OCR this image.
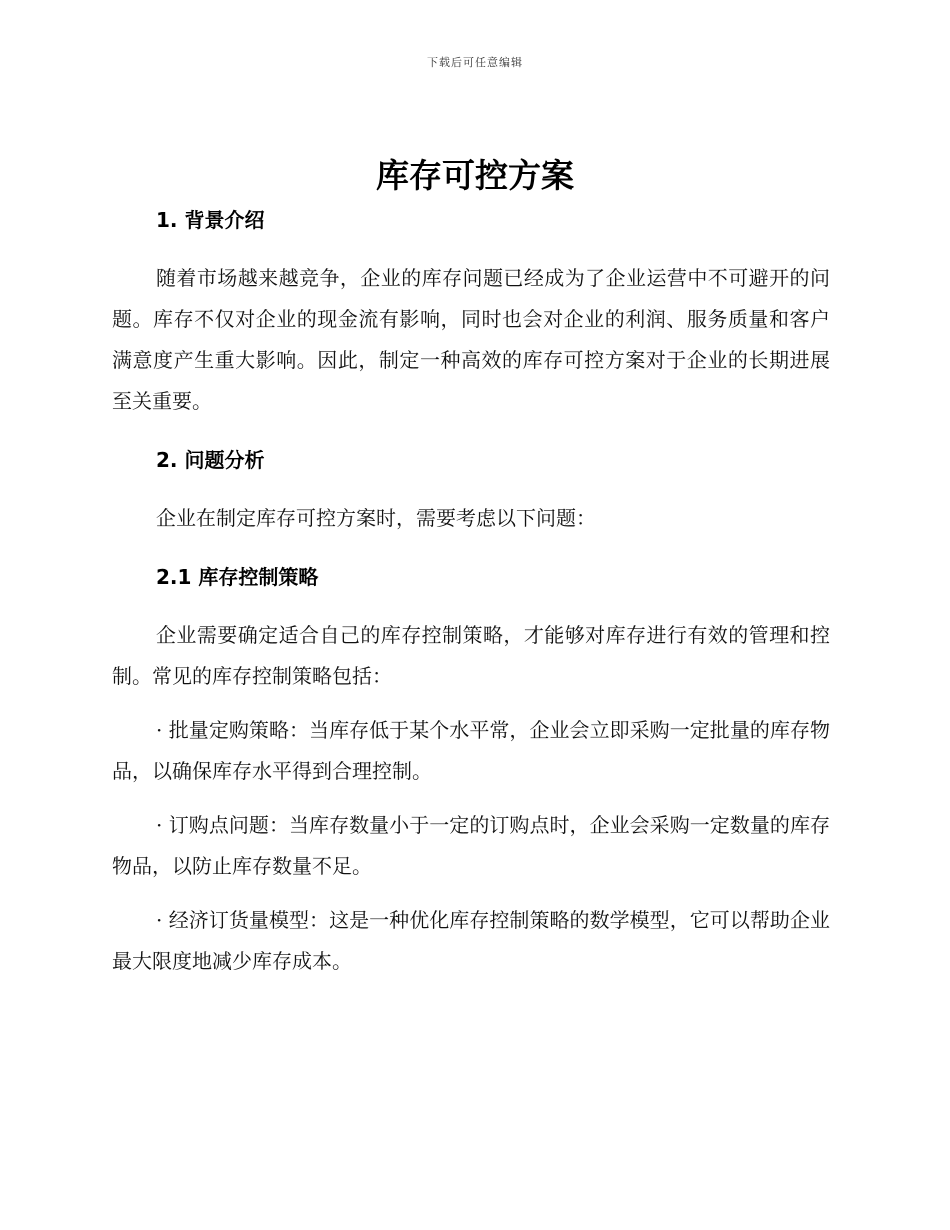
下载后可任意编辑
库存可控方案

1. 背景介绍

随着市场越来越竞争，企业的库存问题已经成为了企业运营中不可避开的问题。库存不仅对企业的现金流有影响，同时也会对企业的利润、服务质量和客户满意度产生重大影响。因此，制定一种高效的库存可控方案对于企业的长期进展至关重要。

2. 问题分析

企业在制定库存可控方案时，需要考虑以下问题：

2.1 库存控制策略

企业需要确定适合自己的库存控制策略，才能够对库存进行有效的管理和控制。常见的库存控制策略包括：

· 批量定购策略：当库存低于某个水平常，企业会立即采购一定批量的库存物品，以确保库存水平得到合理控制。

· 订购点问题：当库存数量小于一定的订购点时，企业会采购一定数量的库存物品，以防止库存数量不足。

· 经济订货量模型：这是一种优化库存控制策略的数学模型，它可以帮助企业最大限度地减少库存成本。
